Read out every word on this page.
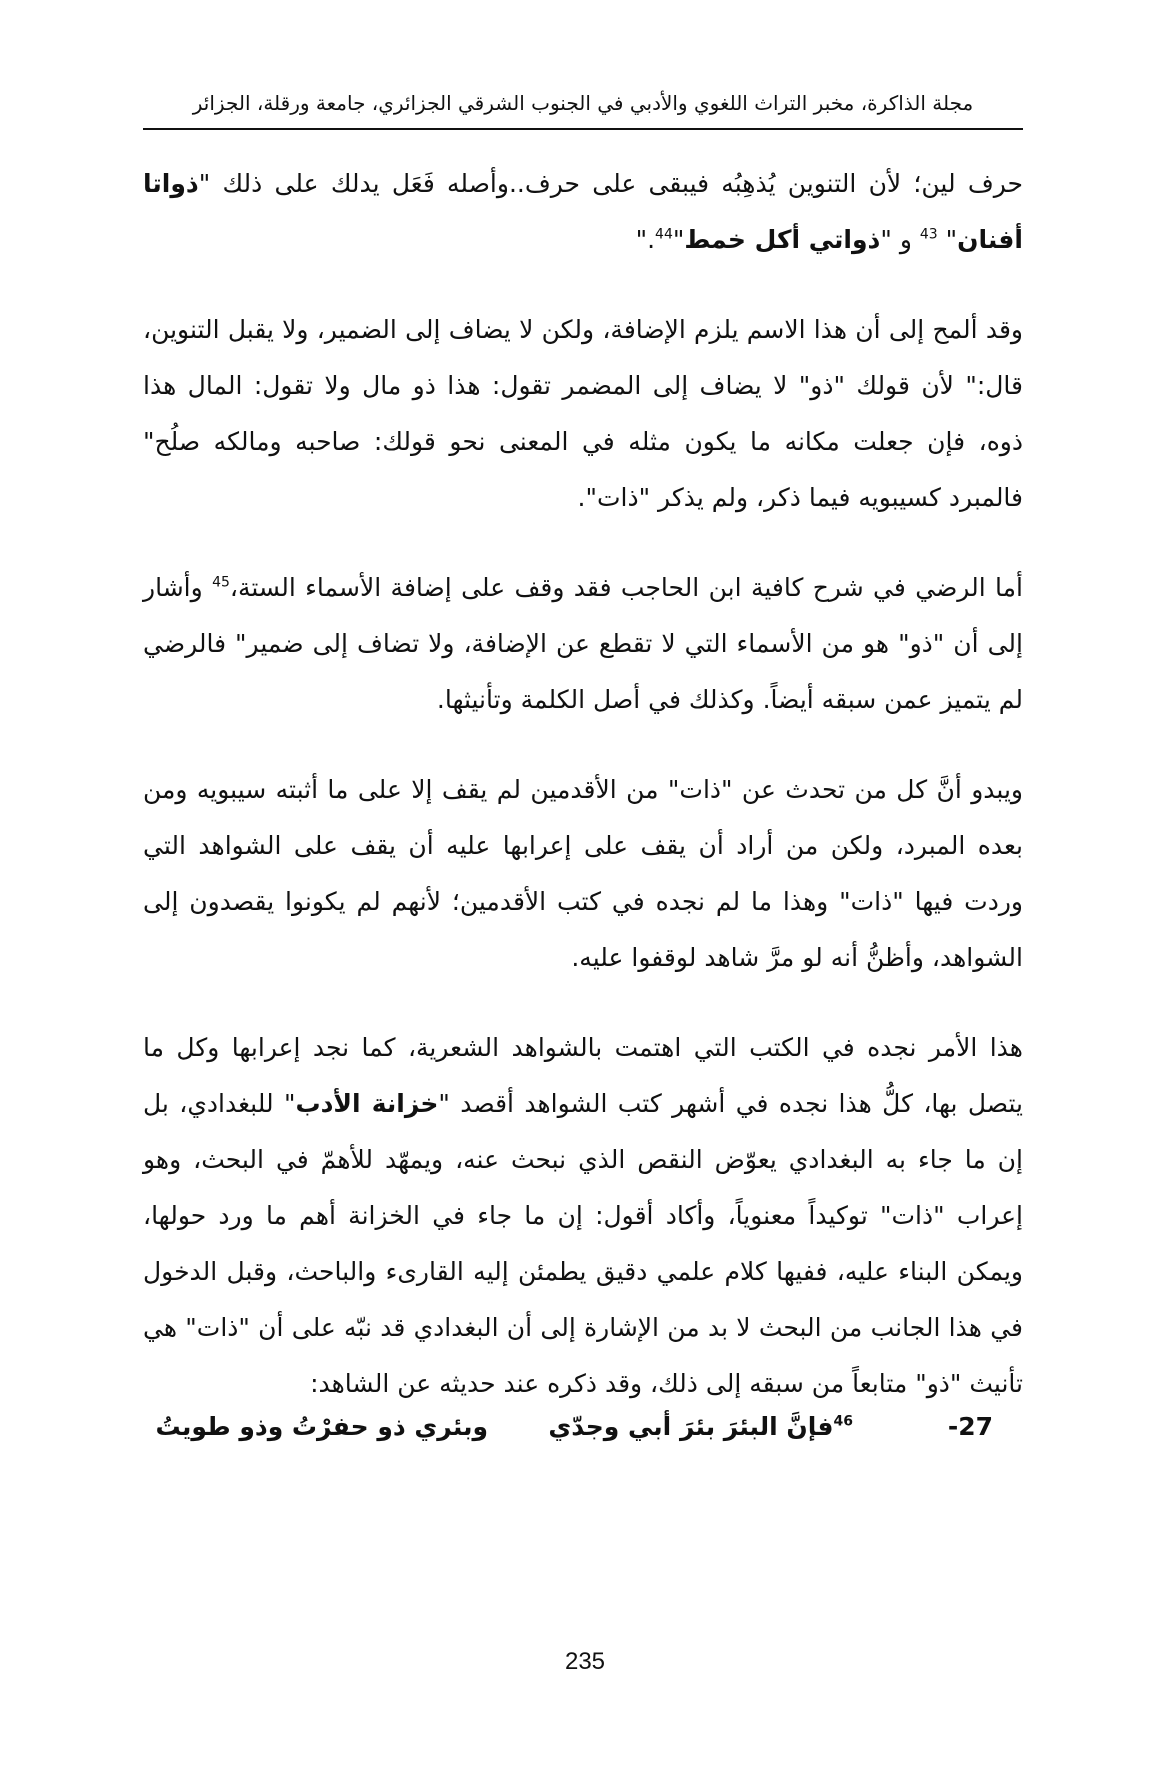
مجلة الذاكرة، مخبر التراث اللغوي والأدبي في الجنوب الشرقي الجزائري، جامعة ورقلة، الجزائر

حرف لين؛ لأن التنوين يُذهِبُه فيبقى على حرف..وأصله فَعَل يدلك على ذلك "ذواتا أفنان" $^{43}$ و "ذواتي أكل خمط"$^{44}$."

وقد ألمح إلى أن هذا الاسم يلزم الإضافة، ولكن لا يضاف إلى الضمير، ولا يقبل التنوين، قال:" لأن قولك "ذو" لا يضاف إلى المضمر تقول: هذا ذو مال ولا تقول: المال هذا ذوه، فإن جعلت مكانه ما يكون مثله في المعنى نحو قولك: صاحبه ومالكه صلُح" فالمبرد كسيبويه فيما ذكر، ولم يذكر "ذات".

أما الرضي في شرح كافية ابن الحاجب فقد وقف على إضافة الأسماء الستة،$^{45}$ وأشار إلى أن "ذو" هو من الأسماء التي لا تقطع عن الإضافة، ولا تضاف إلى ضمير" فالرضي لم يتميز عمن سبقه أيضاً. وكذلك في أصل الكلمة وتأنيثها.

ويبدو أنَّ كل من تحدث عن "ذات" من الأقدمين لم يقف إلا على ما أثبته سيبويه ومن بعده المبرد، ولكن من أراد أن يقف على إعرابها عليه أن يقف على الشواهد التي وردت فيها "ذات" وهذا ما لم نجده في كتب الأقدمين؛ لأنهم لم يكونوا يقصدون إلى الشواهد، وأظنُّ أنه لو مرَّ شاهد لوقفوا عليه.

هذا الأمر نجده في الكتب التي اهتمت بالشواهد الشعرية، كما نجد إعرابها وكل ما يتصل بها، كلُّ هذا نجده في أشهر كتب الشواهد أقصد "خزانة الأدب" للبغدادي، بل إن ما جاء به البغدادي يعوّض النقص الذي نبحث عنه، ويمهّد للأهمّ في البحث، وهو إعراب "ذات" توكيداً معنوياً، وأكاد أقول: إن ما جاء في الخزانة أهم ما ورد حولها، ويمكن البناء عليه، ففيها كلام علمي دقيق يطمئن إليه القارىء والباحث، وقبل الدخول في هذا الجانب من البحث لا بد من الإشارة إلى أن البغدادي قد نبّه على أن "ذات" هي تأنيث "ذو" متابعاً من سبقه إلى ذلك، وقد ذكره عند حديثه عن الشاهد:

27-
$^{46}$فإنَّ البئرَ بئرَ أبي وجدّي
وبئري ذو حفرْتُ وذو طويتُ
235
